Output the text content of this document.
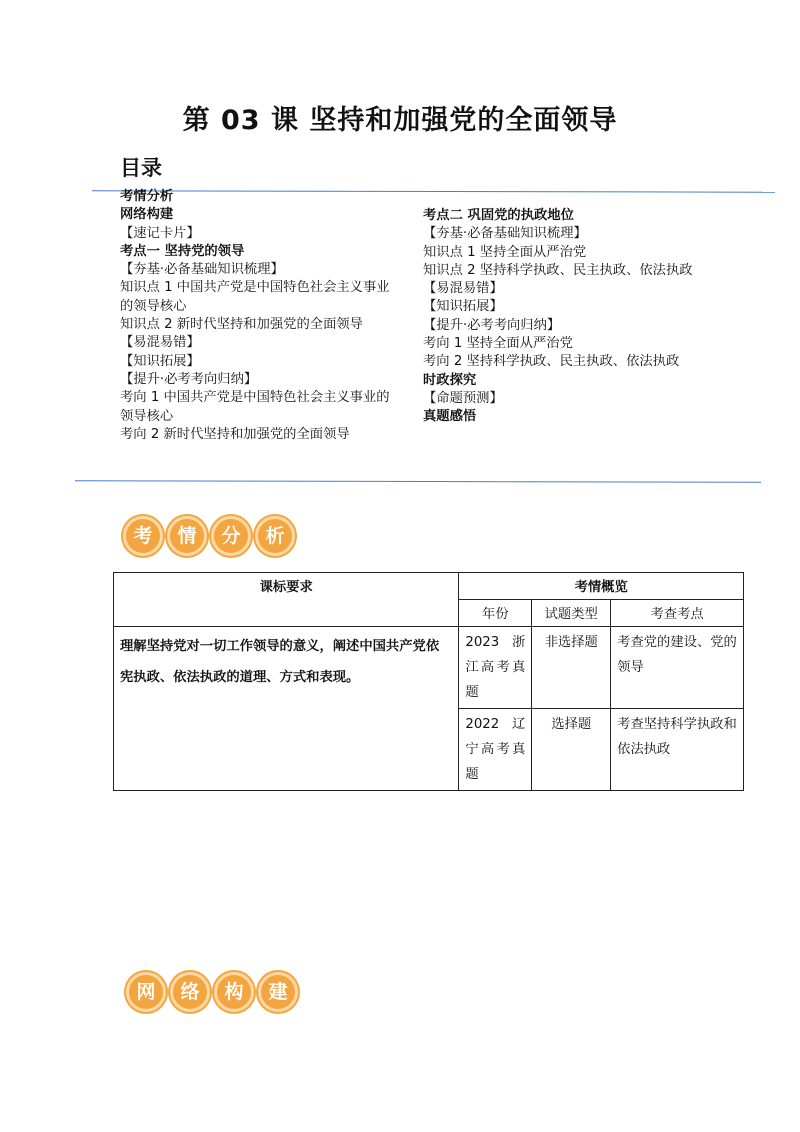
第 03 课 坚持和加强党的全面领导
目录
考情分析
网络构建
【速记卡片】
考点一 坚持党的领导
【夯基·必备基础知识梳理】
知识点 1 中国共产党是中国特色社会主义事业的领导核心
知识点 2 新时代坚持和加强党的全面领导
【易混易错】
【知识拓展】
【提升·必考考向归纳】
考向 1 中国共产党是中国特色社会主义事业的领导核心
考向 2 新时代坚持和加强党的全面领导
考点二 巩固党的执政地位
【夯基·必备基础知识梳理】
知识点 1 坚持全面从严治党
知识点 2 坚持科学执政、民主执政、依法执政
【易混易错】
【知识拓展】
【提升·必考考向归纳】
考向 1 坚持全面从严治党
考向 2 坚持科学执政、民主执政、依法执政
时政探究
【命题预测】
真题感悟
考	情	分	析
课标要求	考情概览		
	年份	试题类型	考查考点
理解坚持党对一切工作领导的意义，阐述中国共产党依宪执政、依法执政的道理、方式和表现。	2023 浙江高考真题	非选择题	考查党的建设、党的领导
	2022 辽宁高考真题	选择题	考查坚持科学执政和依法执政
网	络	构	建
